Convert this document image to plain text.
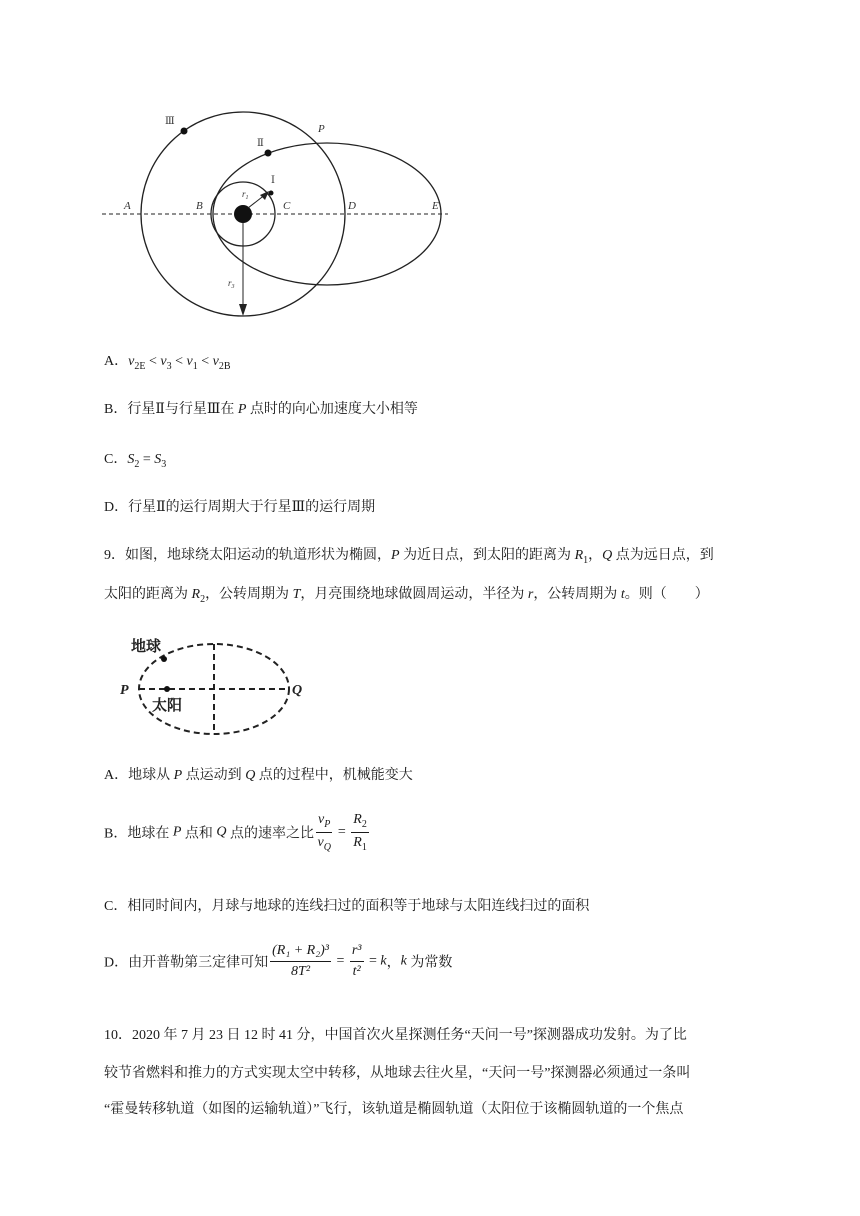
Ⅲ
Ⅱ
Ⅰ
P
A	B	C	D	E
$r_1$
$r_3$
A．$v_{2E} < v_3 < v_1 < v_{2B}$
B．行星Ⅱ与行星Ⅲ在 P 点时的向心加速度大小相等
C．$S_2 = S_3$
D．行星Ⅱ的运行周期大于行星Ⅲ的运行周期
9．如图，地球绕太阳运动的轨道形状为椭圆，P 为近日点，到太阳的距离为 $R_1$，Q 点为远日点，到
太阳的距离为 $R_2$，公转周期为 T，月亮围绕地球做圆周运动，半径为 r，公转周期为 t。则（　　）
地球
太阳
P	Q
A．地球从 P 点运动到 Q 点的过程中，机械能变大
B．地球在 P 点和 Q 点的速率之比 $\frac{v_P}{v_Q} = \frac{R_2}{R_1}$
C．相同时间内，月球与地球的连线扫过的面积等于地球与太阳连线扫过的面积
D．由开普勒第三定律可知 $\frac{\text{(R₁ + R₂)³}}{\text{8T²}} = \frac{\text{r³}}{\text{t²}} = k$，k 为常数
10．2020 年 7 月 23 日 12 时 41 分，中国首次火星探测任务“天问一号”探测器成功发射。为了比
较节省燃料和推力的方式实现太空中转移，从地球去往火星，“天问一号”探测器必须通过一条叫
“霍曼转移轨道（如图的运输轨道）”飞行，该轨道是椭圆轨道（太阳位于该椭圆轨道的一个焦点
